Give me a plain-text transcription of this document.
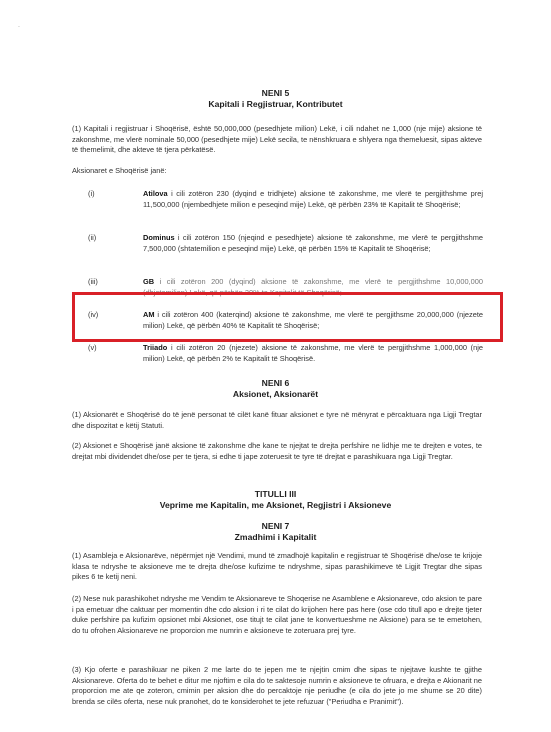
.
NENI 5
Kapitali i Regjistruar, Kontributet
(1) Kapitali i regjistruar i Shoqërisë, është 50,000,000 (pesedhjete milion) Lekë, i cili ndahet ne 1,000 (nje mije) aksione të zakonshme, me vlerë nominale 50,000 (pesedhjete mije) Lekë secila, te nënshkruara e shlyera nga themeluesit, sipas akteve të themelimit, dhe akteve të tjera përkatësë.
Aksionaret e Shoqërisë janë:
(i)	Atilova i cili zotëron 230 (dyqind e tridhjete) aksione të zakonshme, me vlerë te pergjithshme prej 11,500,000 (njembedhjete milion e peseqind mije) Lekë, që përbën 23% të Kapitalit të Shoqërisë;
(ii)	Dominus i cili zotëron 150 (njeqind e pesedhjete) aksione të zakonshme, me vlerë te pergjithshme 7,500,000 (shtatemilion e peseqind mije) Lekë, që përbën 15% të Kapitalit të Shoqërisë;
(iii)	GB i cili zotëron 200 (dyqind) aksione të zakonshme, me vlerë te pergjithshme 10,000,000 (dhjetemilion) Lekë, që përbën 20% te Kapitalit të Shoqërisë;
(iv)	AM i cili zotëron 400 (katerqind) aksione të zakonshme, me vlerë te pergjithsme 20,000,000 (njezete milion) Lekë, që përbën 40% të Kapitalit të Shoqërisë;
(v)	Triiado i cili zotëron 20 (njezete) aksione të zakonshme, me vlerë te pergjithshme 1,000,000 (nje milion) Lekë, që përbën 2% te Kapitalit të Shoqërisë.
NENI 6
Aksionet, Aksionarët
(1) Aksionarët e Shoqërisë do të jenë personat të cilët kanë fituar aksionet e tyre në mënyrat e përcaktuara nga Ligji Tregtar dhe dispozitat e këtij Statuti.
(2) Aksionet e Shoqërisë janë aksione të zakonshme dhe kane te njejtat te drejta perfshire ne lidhje me te drejten e votes, te drejtat mbi dividendet dhe/ose per te tjera, si edhe ti jape zoteruesit te tyre të drejtat e parashikuara nga Ligji Tregtar.
TITULLI III
Veprime me Kapitalin, me Aksionet, Regjistri i Aksioneve
NENI 7
Zmadhimi i Kapitalit
(1) Asambleja e Aksionarëve, nëpërmjet një Vendimi, mund të zmadhojë kapitalin e regjistruar të Shoqërisë dhe/ose te krijoje klasa te ndryshe te aksioneve me te drejta dhe/ose kufizime te ndryshme, sipas parashikimeve të Ligjit Tregtar dhe sipas pikes 6 te ketij neni.
(2) Nese nuk parashikohet ndryshe me Vendim te Aksionareve te Shoqerise ne Asamblene e Aksionareve, cdo aksion te pare i pa emetuar dhe caktuar per momentin dhe cdo aksion i ri te cilat do krijohen here pas here (ose cdo titull apo e drejte tjeter duke perfshire pa kufizim opsionet mbi Aksionet, ose titujt te cilat jane te konvertueshme ne Aksione) para se te emetohen, do tu ofrohen Aksionareve ne proporcion me numrin e aksioneve te zoteruara prej tyre.
(3) Kjo oferte e parashikuar ne piken 2 me larte do te jepen me te njejtin cmim dhe sipas te njejtave kushte te gjithe Aksionareve. Oferta do te behet e ditur me njoftim e cila do te saktesoje numrin e aksioneve te ofruara, e drejta e Akionarit ne proporcion me ate qe zoteron, cmimin per aksion dhe do percaktoje nje periudhe (e cila do jete jo me shume se 20 dite) brenda se cilës oferta, nese nuk pranohet, do te konsiderohet te jete refuzuar ("Periudha e Pranimit").
